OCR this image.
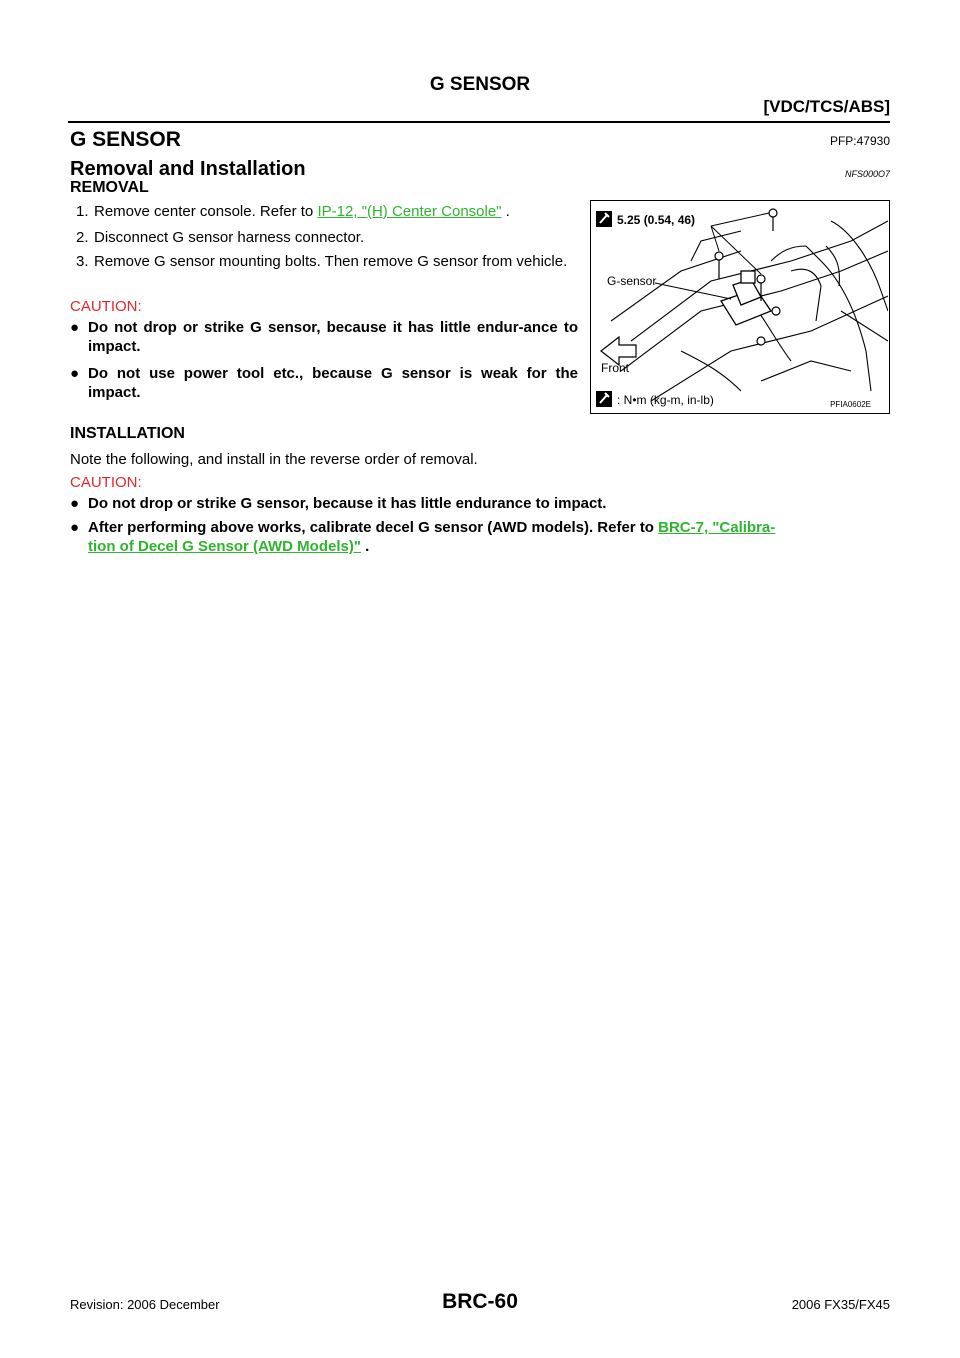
G SENSOR
[VDC/TCS/ABS]
G SENSOR	PFP:47930
Removal and Installation	NFS000O7
REMOVAL
1. Remove center console. Refer to IP-12, "(H) Center Console" .
2. Disconnect G sensor harness connector.
3. Remove G sensor mounting bolts. Then remove G sensor from vehicle.
CAUTION:
● Do not drop or strike G sensor, because it has little endur-ance to impact.
● Do not use power tool etc., because G sensor is weak for the impact.
5.25 (0.54, 46)
G-sensor
Front
: N•m (kg-m, in-lb)	PFIA0602E
INSTALLATION
Note the following, and install in the reverse order of removal.
CAUTION:
● Do not drop or strike G sensor, because it has little endurance to impact.
● After performing above works, calibrate decel G sensor (AWD models). Refer to BRC-7, "Calibra-
tion of Decel G Sensor (AWD Models)" .
Revision: 2006 December	BRC-60	2006 FX35/FX45
